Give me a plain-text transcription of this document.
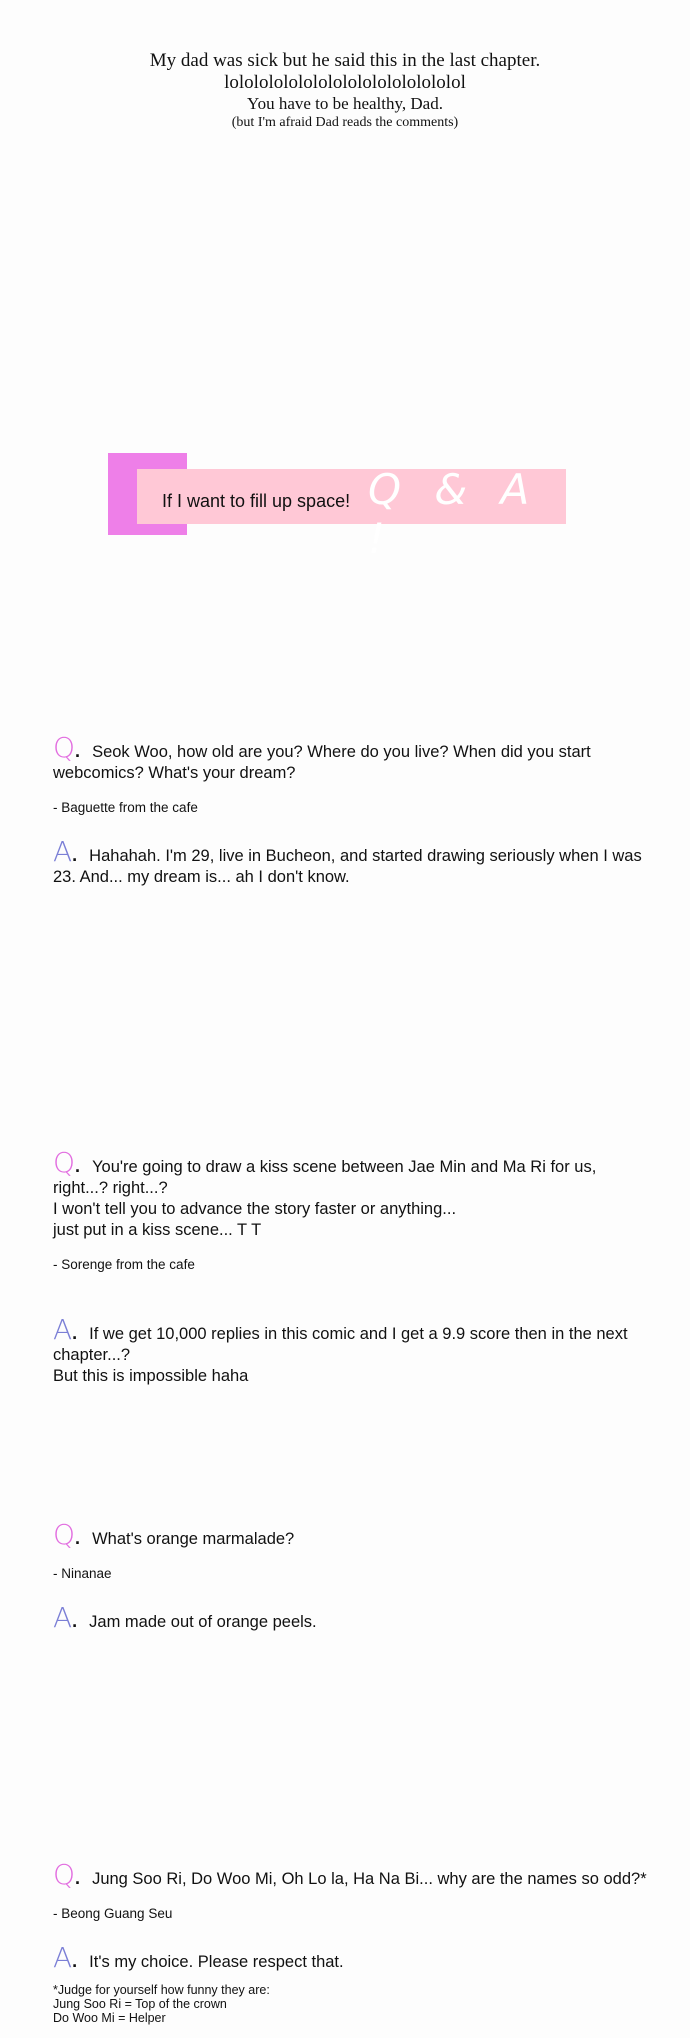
My dad was sick but he said this in the last chapter.
lolololololololololololololololol
You have to be healthy, Dad.
(but I'm afraid Dad reads the comments)
If I want to fill up space! Q & A !
Q. Seok Woo, how old are you? Where do you live? When did you start webcomics? What's your dream?
- Baguette from the cafe
A. Hahahah. I'm 29, live in Bucheon, and started drawing seriously when I was 23. And... my dream is... ah I don't know.

Q. You're going to draw a kiss scene between Jae Min and Ma Ri for us, right...? right...?
I won't tell you to advance the story faster or anything...
just put in a kiss scene... T T

- Sorenge from the cafe

A. If we get 10,000 replies in this comic and I get a 9.9 score then in the next chapter...?
But this is impossible haha

Q. What's orange marmalade?
- Ninanae
A. Jam made out of orange peels.
Q. Jung Soo Ri, Do Woo Mi, Oh Lo la, Ha Na Bi... why are the names so odd?*
- Beong Guang Seu
A. It's my choice. Please respect that.
*Judge for yourself how funny they are:
Jung Soo Ri = Top of the crown
Do Woo Mi = Helper
